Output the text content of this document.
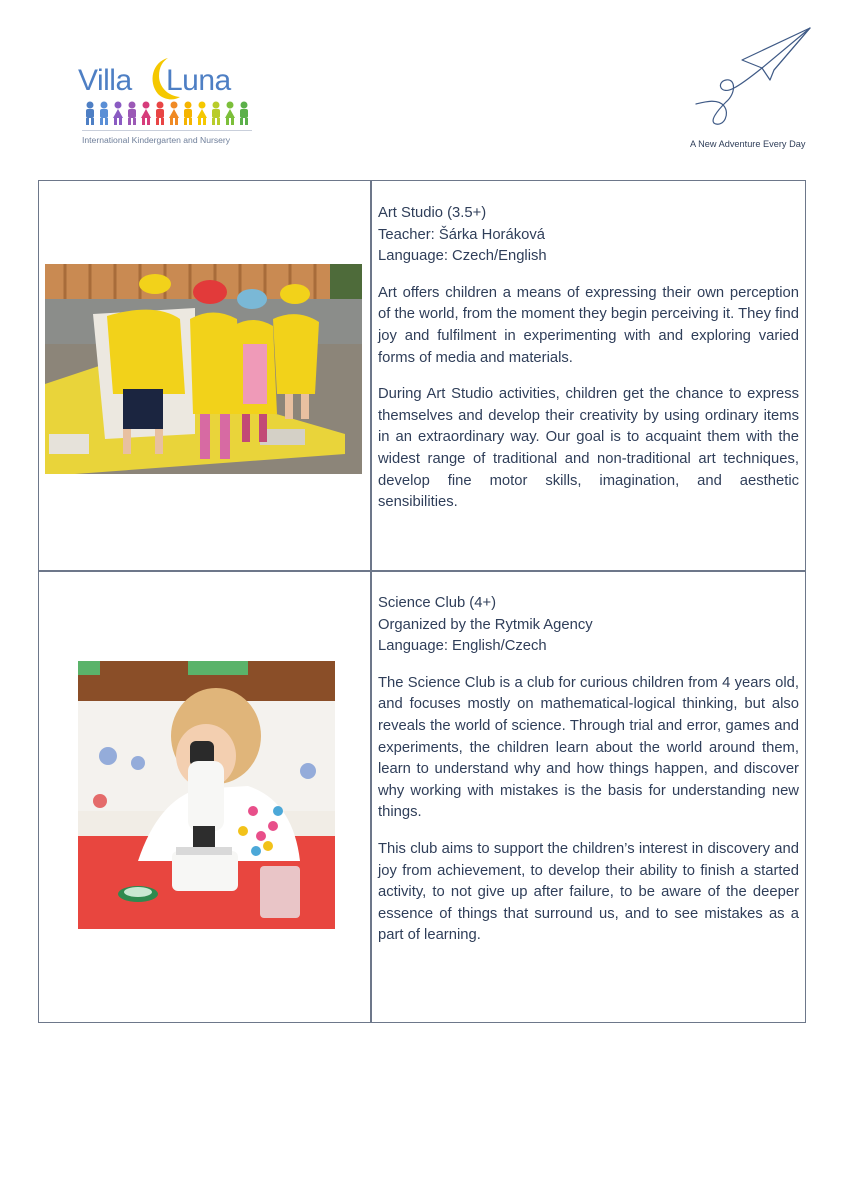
Villa Luna
International Kindergarten and Nursery	A New Adventure Every Day

Art Studio (3.5+)

Teacher: Šárka Horáková

Language: Czech/English

Art offers children a means of expressing their own perception of the world, from the moment they begin perceiving it. They find joy and fulfilment in experimenting with and exploring varied forms of media and materials.

During Art Studio activities, children get the chance to express themselves and develop their creativity by using ordinary items in an extraordinary way. Our goal is to acquaint them with the widest range of traditional and non-traditional art techniques, develop fine motor skills, imagination, and aesthetic sensibilities.

Science Club (4+)

Organized by the Rytmik Agency

Language: English/Czech

The Science Club is a club for curious children from 4 years old, and focuses mostly on mathematical-logical thinking, but also reveals the world of science. Through trial and error, games and experiments, the children learn about the world around them, learn to understand why and how things happen, and discover why working with mistakes is the basis for understanding new things.

This club aims to support the children’s interest in discovery and joy from achievement, to develop their ability to finish a started activity, to not give up after failure, to be aware of the deeper essence of things that surround us, and to see mistakes as a part of learning.
